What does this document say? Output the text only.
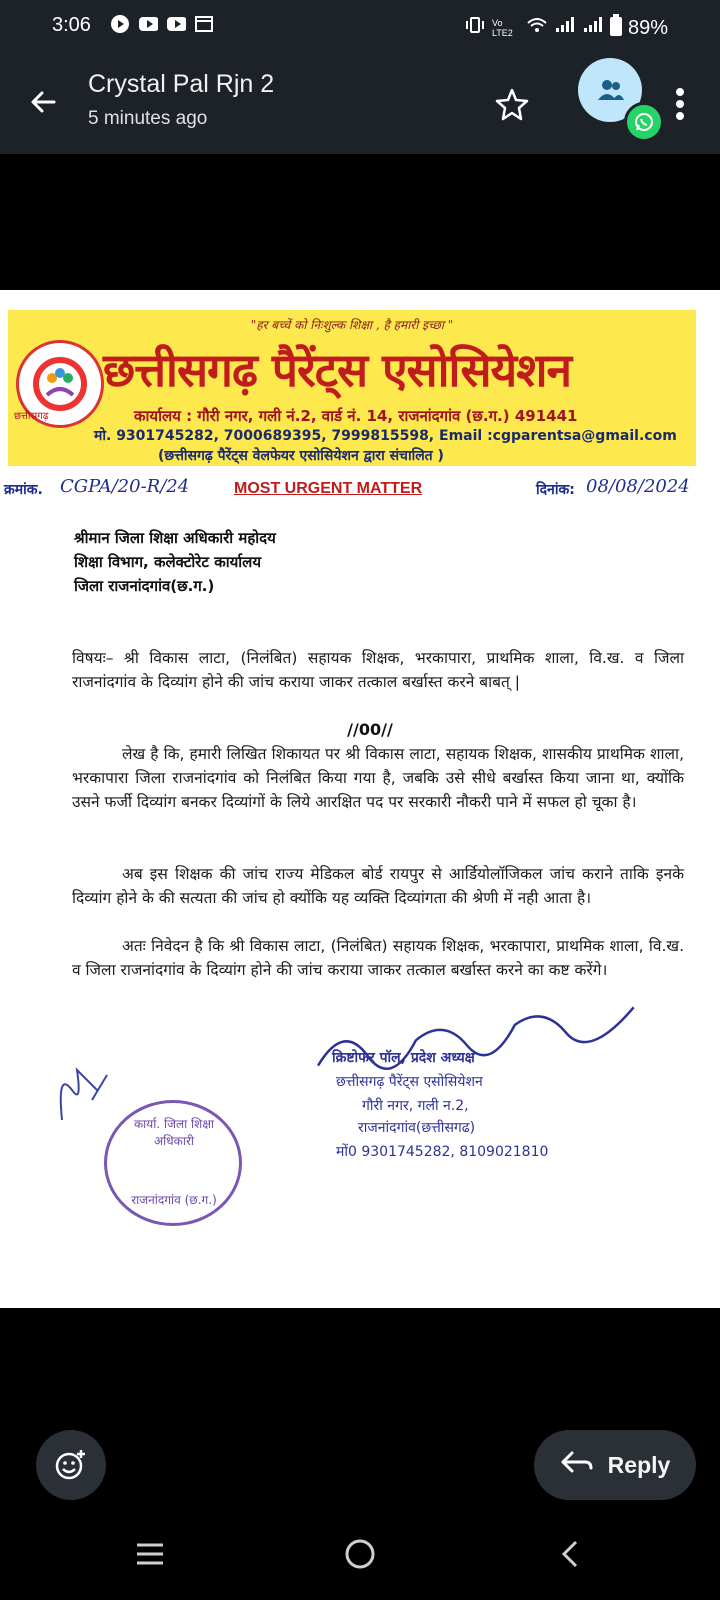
3:06	Vo LTE2	89%
Crystal Pal Rjn 2
5 minutes ago
"हर बच्चें को निःशुल्क शिक्षा , है हमारी इच्छा "
छत्तीसगढ़
छत्तीसगढ़ पैरेंट्स एसोसियेशन
कार्यालय : गौरी नगर, गली नं.2, वार्ड नं. 14, राजनांदगांव (छ.ग.) 491441
मो. 9301745282, 7000689395, 7999815598, Email :cgparentsa@gmail.com
(छत्तीसगढ़ पैरेंट्स वेलफेयर एसोसियेशन द्वारा संचालित )
क्रमांक. CGPA/20-R/24	MOST URGENT MATTER	दिनांक: 08/08/2024
श्रीमान जिला शिक्षा अधिकारी महोदय
शिक्षा विभाग, कलेक्टोरेट कार्यालय
जिला राजनांदगांव(छ.ग.)
विषयः– श्री विकास लाटा, (निलंबित) सहायक शिक्षक, भरकापारा, प्राथमिक शाला, वि.ख. व जिला राजनांदगांव के दिव्यांग होने की जांच कराया जाकर तत्काल बर्खास्त करने बाबत् |
//00//
लेख है कि, हमारी लिखित शिकायत पर श्री विकास लाटा, सहायक शिक्षक, शासकीय प्राथमिक शाला, भरकापारा जिला राजनांदगांव को निलंबित किया गया है, जबकि उसे सीधे बर्खास्त किया जाना था, क्योंकि उसने फर्जी दिव्यांग बनकर दिव्यांगों के लिये आरक्षित पद पर सरकारी नौकरी पाने में सफल हो चूका है।
अब इस शिक्षक की जांच राज्य मेडिकल बोर्ड रायपुर से आर्डियोलॉजिकल जांच कराने ताकि इनके दिव्यांग होने के की सत्यता की जांच हो क्योंकि यह व्यक्ति दिव्यांगता की श्रेणी में नही आता है।
अतः निवेदन है कि श्री विकास लाटा, (निलंबित) सहायक शिक्षक, भरकापारा, प्राथमिक शाला, वि.ख. व जिला राजनांदगांव के दिव्यांग होने की जांच कराया जाकर तत्काल बर्खास्त करने का कष्ट करेंगे।
क्रिष्टोफर पॉल, प्रदेश अध्यक्ष
छत्तीसगढ़ पैरेंट्स एसोसियेशन
गौरी नगर, गली न.2,
राजनांदगांव(छत्तीसगढ)
मों0 9301745282, 8109021810
कार्या. जिला शिक्षा अधिकारी
राजनांदगांव (छ.ग.)
Reply
